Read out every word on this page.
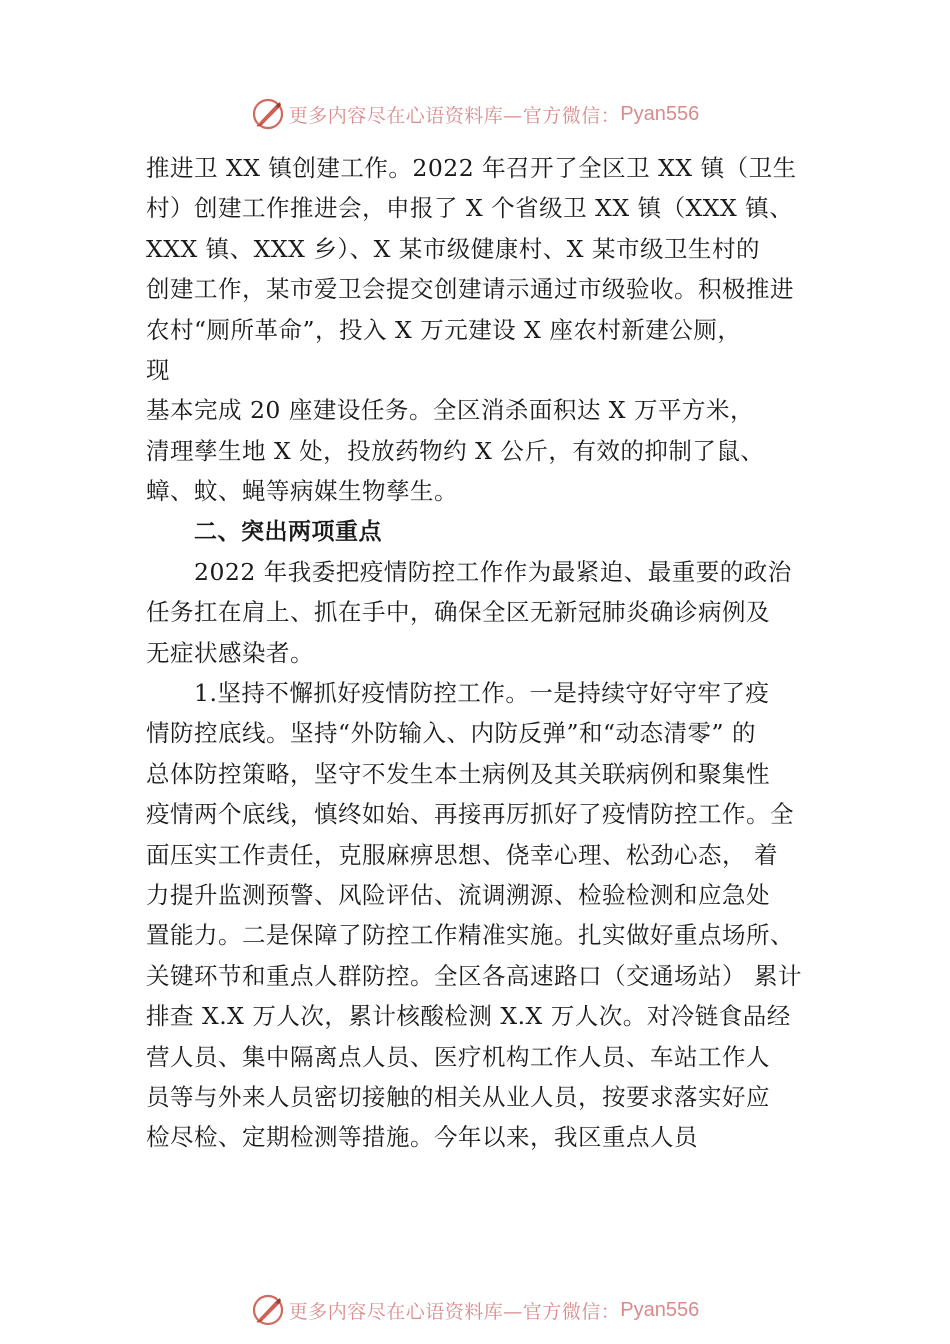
更多内容尽在心语资料库—官方微信： Pyan556
推进卫 XX 镇创建工作。2022 年召开了全区卫 XX 镇（卫生
村）创建工作推进会，申报了 X 个省级卫 XX 镇（XXX 镇、
XXX 镇、XXX 乡）、X 某市级健康村、X 某市级卫生村的
创建工作，某市爱卫会提交创建请示通过市级验收。积极推进
农村“厕所革命”，投入 X 万元建设 X 座农村新建公厕，
现
基本完成 20 座建设任务。全区消杀面积达 X 万平方米，
清理孳生地 X 处，投放药物约 X 公斤，有效的抑制了鼠、
蟑、蚊、蝇等病媒生物孳生。
二、突出两项重点
2022 年我委把疫情防控工作作为最紧迫、最重要的政治
任务扛在肩上、抓在手中，确保全区无新冠肺炎确诊病例及
无症状感染者。
1.坚持不懈抓好疫情防控工作。一是持续守好守牢了疫
情防控底线。坚持“外防输入、内防反弹”和“动态清零” 的
总体防控策略，坚守不发生本土病例及其关联病例和聚集性
疫情两个底线，慎终如始、再接再厉抓好了疫情防控工作。全
面压实工作责任，克服麻痹思想、侥幸心理、松劲心态， 着
力提升监测预警、风险评估、流调溯源、检验检测和应急处
置能力。二是保障了防控工作精准实施。扎实做好重点场所、
关键环节和重点人群防控。全区各高速路口（交通场站） 累计
排查 X.X 万人次，累计核酸检测 X.X 万人次。对冷链食品经
营人员、集中隔离点人员、医疗机构工作人员、车站工作人
员等与外来人员密切接触的相关从业人员，按要求落实好应
检尽检、定期检测等措施。今年以来，我区重点人员
更多内容尽在心语资料库—官方微信： Pyan556
